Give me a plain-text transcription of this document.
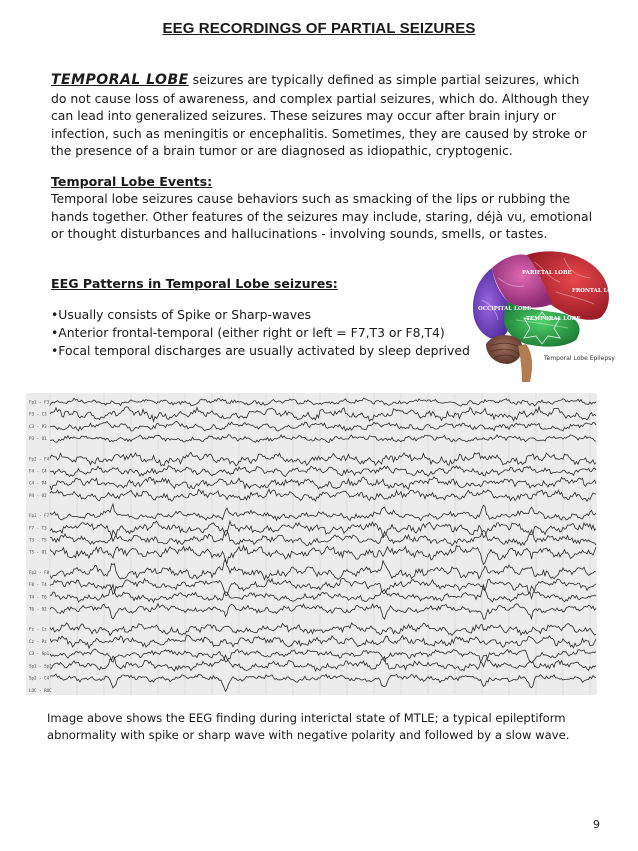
EEG RECORDINGS OF PARTIAL SEIZURES
TEMPORAL LOBE seizures are typically defined as simple partial seizures, which do not cause loss of awareness, and complex partial seizures, which do. Although they can lead into generalized seizures. These seizures may occur after brain injury or infection, such as meningitis or encephalitis. Sometimes, they are caused by stroke or the presence of a brain tumor or are diagnosed as idiopathic, cryptogenic.
Temporal Lobe Events:
Temporal lobe seizures cause behaviors such as smacking of the lips or rubbing the hands together. Other features of the seizures may include, staring, déjà vu, emotional or thought disturbances and hallucinations - involving sounds, smells, or tastes.
EEG Patterns in Temporal Lobe seizures:
•Usually consists of Spike or Sharp-waves
•Anterior frontal-temporal (either right or left = F7,T3 or F8,T4)
•Focal temporal discharges are usually activated by sleep deprived
PARIETAL LOBE
FRONTAL LOBE
OCCIPITAL LOBE
TEMPORAL LOBE
Temporal Lobe Epilepsy
Fp1 - F3
F3 - C3
C3 - P3
P3 - O1
Fp2 - F4
F4 - C4
C4 - P4
P4 - O2
Fp1 - F7
F7 - T3
T3 - T5
T5 - O1
Fp2 - F8
F8 - T4
T4 - T6
T6 - O2
Fz - Cz
Cz - Pz
C3 - Sp1
Sp1 - Sp2
Sp2 - C4
LOC - ROC
Image above shows the EEG finding during interictal state of MTLE; a typical epileptiform abnormality with spike or sharp wave with negative polarity and followed by a slow wave.
9
